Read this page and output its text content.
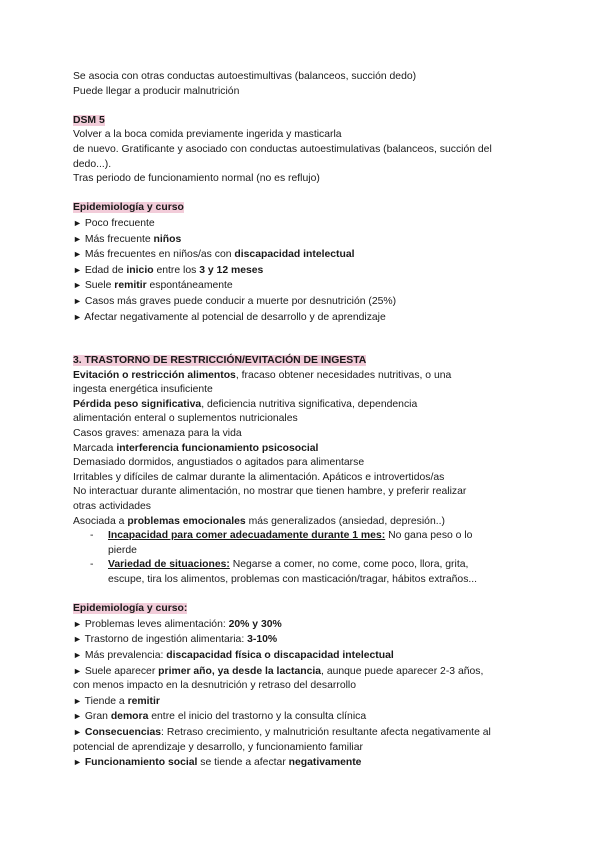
Se asocia con otras conductas autoestimultivas (balanceos, succión dedo)
Puede llegar a producir malnutrición
DSM 5
Volver a la boca comida previamente ingerida y masticarla
de nuevo. Gratificante y asociado con conductas autoestimulativas (balanceos, succión del
dedo...).
Tras periodo de funcionamiento normal (no es reflujo)
Epidemiología y curso
► Poco frecuente
► Más frecuente niños
► Más frecuentes en niños/as con discapacidad intelectual
► Edad de inicio entre los 3 y 12 meses
► Suele remitir espontáneamente
► Casos más graves puede conducir a muerte por desnutrición (25%)
► Afectar negativamente al potencial de desarrollo y de aprendizaje
3. TRASTORNO DE RESTRICCIÓN/EVITACIÓN DE INGESTA
Evitación o restricción alimentos, fracaso obtener necesidades nutritivas, o una
ingesta energética insuficiente
Pérdida peso significativa, deficiencia nutritiva significativa, dependencia
alimentación enteral o suplementos nutricionales
Casos graves: amenaza para la vida
Marcada interferencia funcionamiento psicosocial
Demasiado dormidos, angustiados o agitados para alimentarse
Irritables y difíciles de calmar durante la alimentación. Apáticos e introvertidos/as
No interactuar durante alimentación, no mostrar que tienen hambre, y preferir realizar
otras actividades
Asociada a problemas emocionales más generalizados (ansiedad, depresión..)
- Incapacidad para comer adecuadamente durante 1 mes: No gana peso o lo
pierde
- Variedad de situaciones: Negarse a comer, no come, come poco, llora, grita,
escupe, tira los alimentos, problemas con masticación/tragar, hábitos extraños...
Epidemiología y curso:
► Problemas leves alimentación: 20% y 30%
► Trastorno de ingestión alimentaria: 3-10%
► Más prevalencia: discapacidad física o discapacidad intelectual
► Suele aparecer primer año, ya desde la lactancia, aunque puede aparecer 2-3 años,
con menos impacto en la desnutrición y retraso del desarrollo
► Tiende a remitir
► Gran demora entre el inicio del trastorno y la consulta clínica
► Consecuencias: Retraso crecimiento, y malnutrición resultante afecta negativamente al
potencial de aprendizaje y desarrollo, y funcionamiento familiar
► Funcionamiento social se tiende a afectar negativamente
